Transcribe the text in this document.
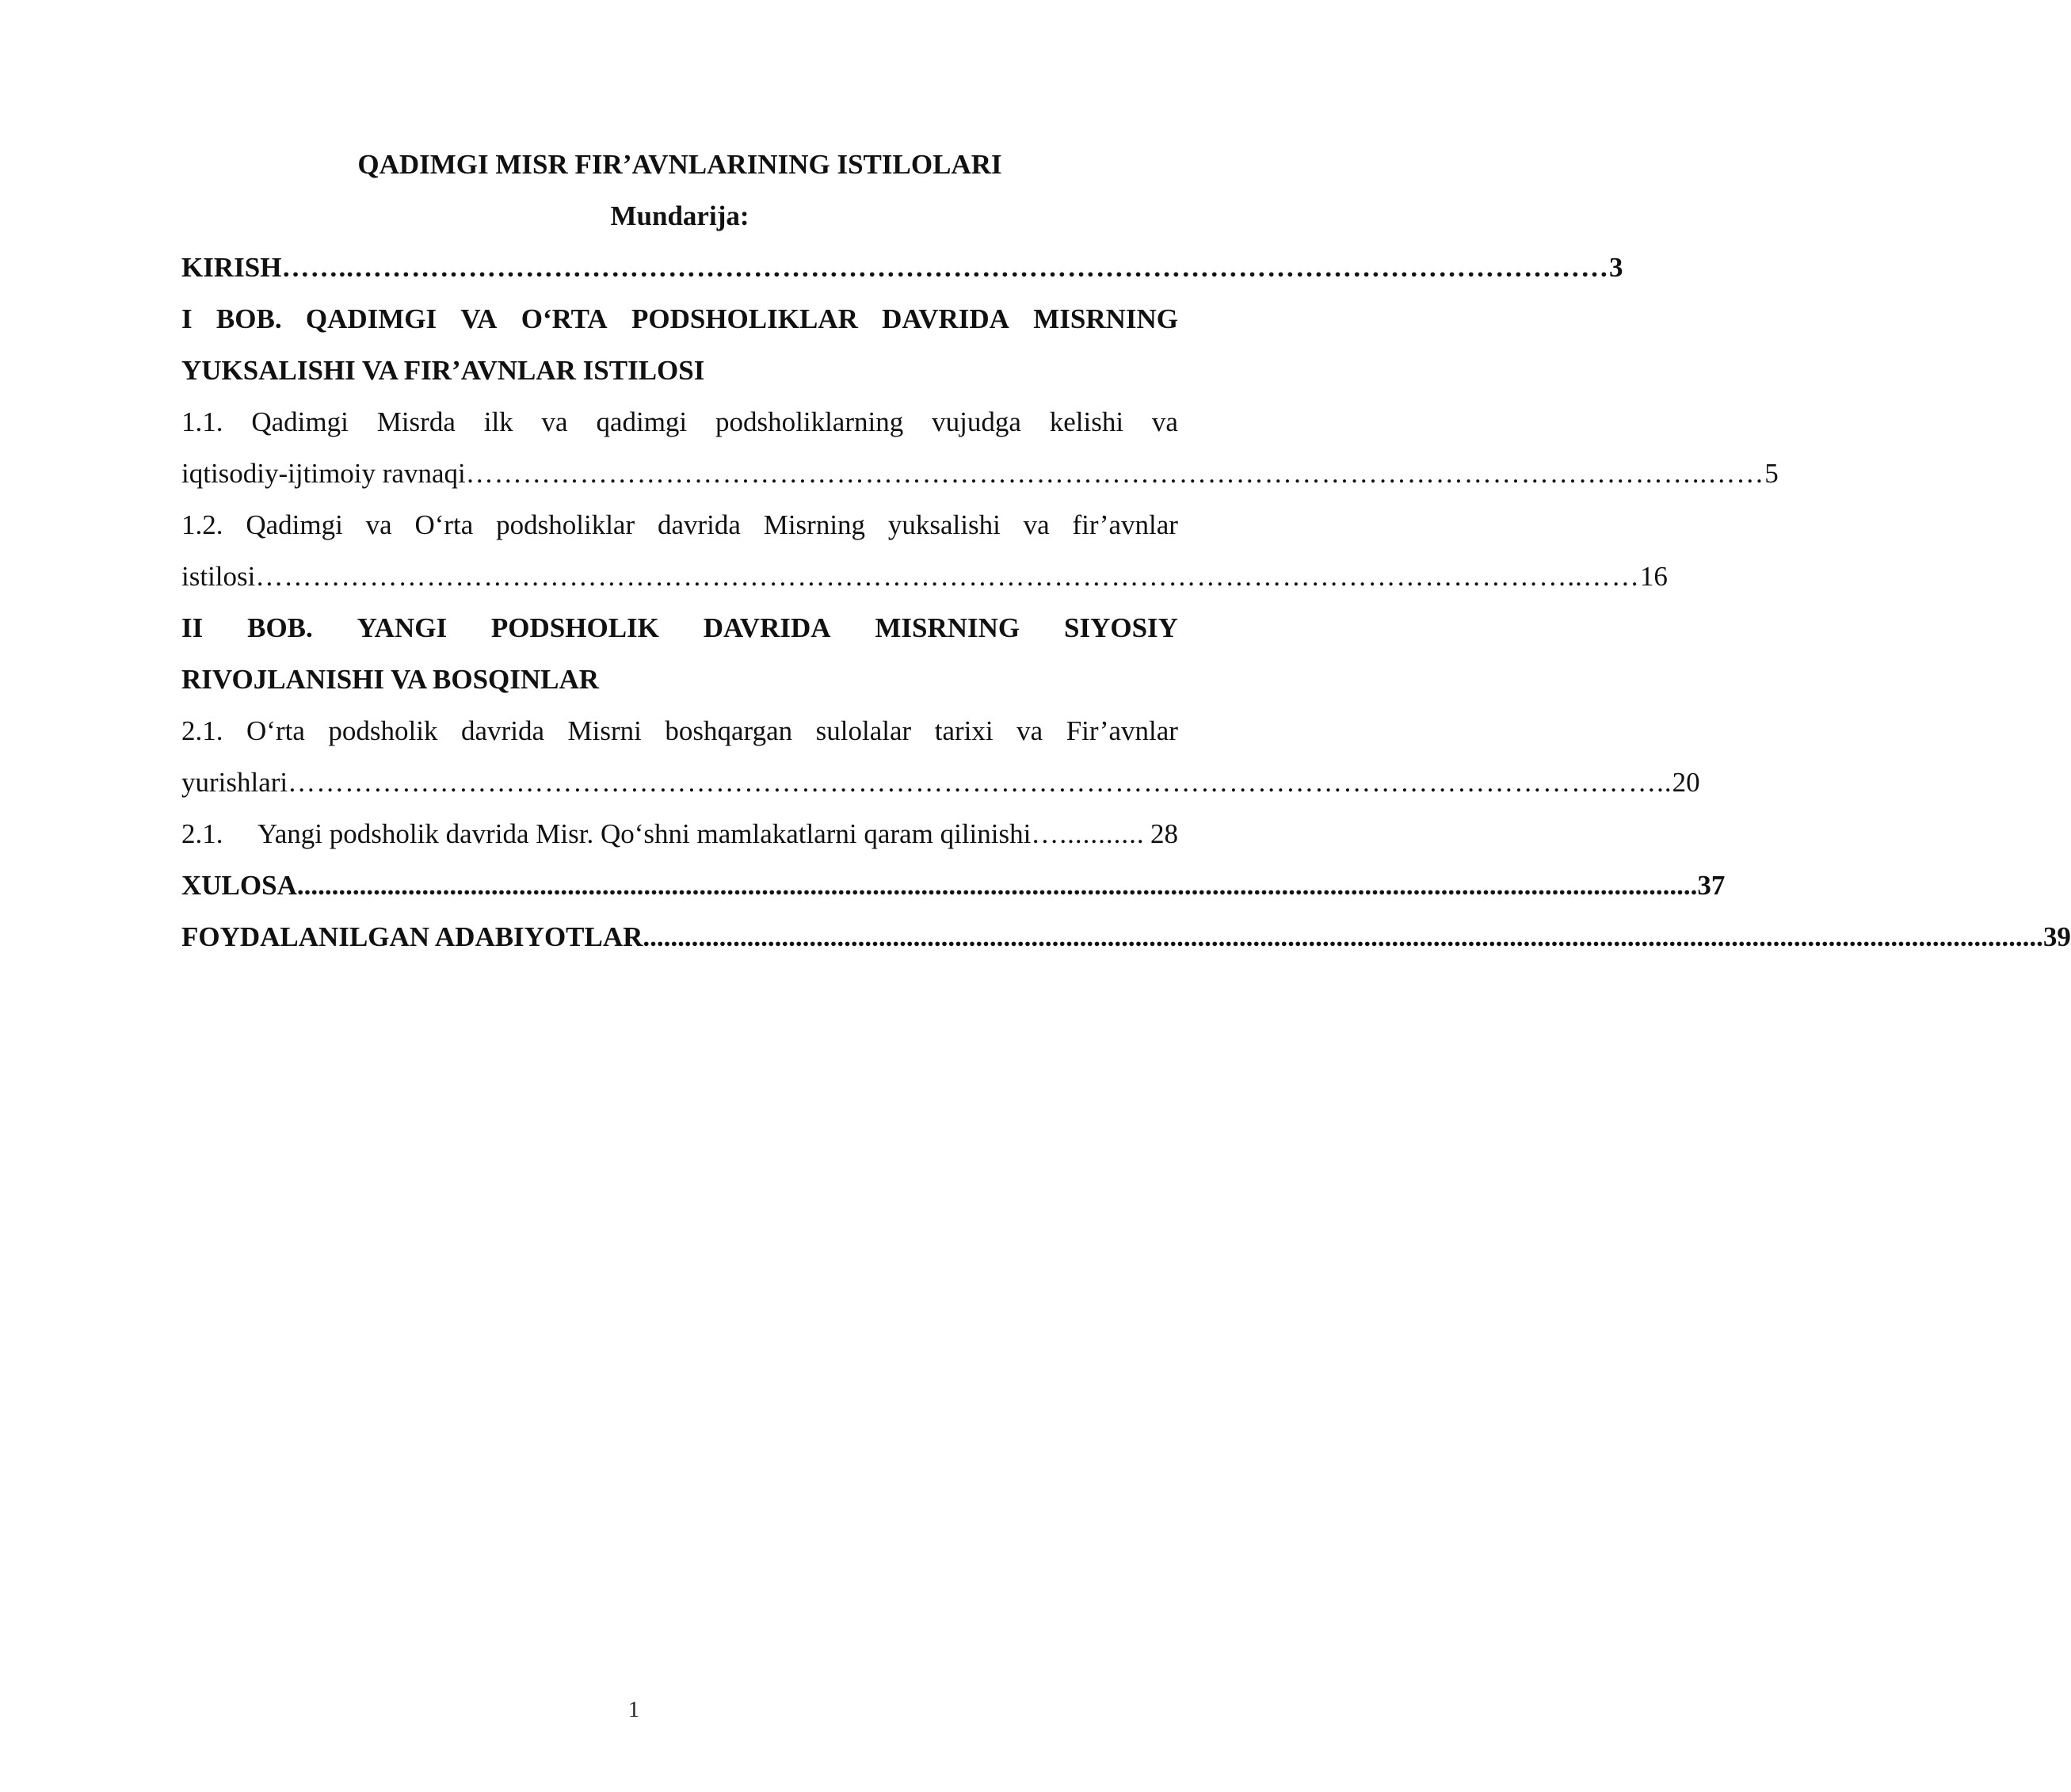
QADIMGI MISR FIR’AVNLARINING ISTILOLARI
Mundarija:
KIRISH ……..…………………………………………………………………………………………………………………… 3
I BOB. QADIMGI VA O‘RTA PODSHOLIKLAR DAVRIDA MISRNING
YUKSALISHI VA FIR’AVNLAR ISTILOSI
1.1. Qadimgi Misrda ilk va qadimgi podsholiklarning vujudga kelishi va
iqtisodiy-ijtimoiy ravnaqi …………………………………………………………………………………………………………………..…… 5
1.2. Qadimgi va O‘rta podsholiklar davrida Misrning yuksalishi va fir’avnlar
istilosi …………………………………………………………………………………………………………………………..…… 16
II BOB. YANGI PODSHOLIK DAVRIDA MISRNING SIYOSIY
RIVOJLANISHI VA BOSQINLAR
2.1. O‘rta podsholik davrida Misrni boshqargan sulolalar tarixi va Fir’avnlar
yurishlari ……………………………………………………………………………………………………………………………….. 20
2.1. Yangi podsholik davrida Misr. Qo‘shni mamlakatlarni qaram qilinishi …........... 28
XULOSA .......................................................................................................................................................................................................... 37
FOYDALANILGAN ADABIYOTLAR .......................................................................................................................................................................................................... 39
1
